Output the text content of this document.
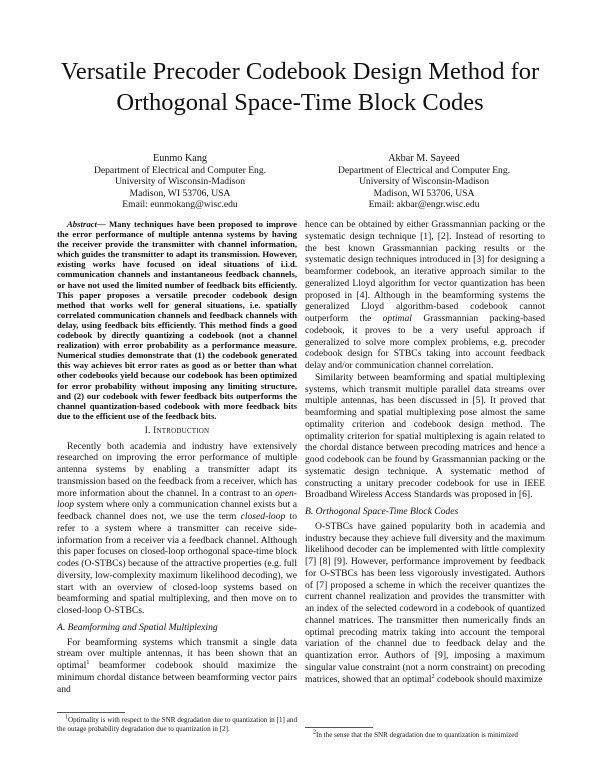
Versatile Precoder Codebook Design Method for
Orthogonal Space-Time Block Codes
Eunmo Kang
Department of Electrical and Computer Eng.
University of Wisconsin-Madison
Madison, WI 53706, USA
Email: eunmokang@wisc.edu
Akbar M. Sayeed
Department of Electrical and Computer Eng.
University of Wisconsin-Madison
Madison, WI 53706, USA
Email: akbar@engr.wisc.edu

Abstract— Many techniques have been proposed to improve the error performance of multiple antenna systems by having the receiver provide the transmitter with channel information, which guides the transmitter to adapt its transmission. However, existing works have focused on ideal situations of i.i.d. communication channels and instantaneous feedback channels, or have not used the limited number of feedback bits efficiently. This paper proposes a versatile precoder codebook design method that works well for general situations, i.e. spatially correlated communication channels and feedback channels with delay, using feedback bits efficiently. This method finds a good codebook by directly quantizing a codebook (not a channel realization) with error probability as a performance measure. Numerical studies demonstrate that (1) the codebook generated this way achieves bit error rates as good as or better than what other codebooks yield because our codebook has been optimized for error probability without imposing any limiting structure, and (2) our codebook with fewer feedback bits outperforms the channel quantization-based codebook with more feedback bits due to the efficient use of the feedback bits.

I. Introduction

Recently both academia and industry have extensively researched on improving the error performance of multiple antenna systems by enabling a transmitter adapt its transmission based on the feedback from a receiver, which has more information about the channel. In a contrast to an open-loop system where only a communication channel exists but a feedback channel does not, we use the term closed-loop to refer to a system where a transmitter can receive side-information from a receiver via a feedback channel. Although this paper focuses on closed-loop orthogonal space-time block codes (O-STBCs) because of the attractive properties (e.g. full diversity, low-complexity maximum likelihood decoding), we start with an overview of closed-loop systems based on beamforming and spatial multiplexing, and then move on to closed-loop O-STBCs.

A. Beamforming and Spatial Multiplexing

For beamforming systems which transmit a single data stream over multiple antennas, it has been shown that an optimal$^1$ beamformer codebook should maximize the minimum chordal distance between beamforming vector pairs and

hence can be obtained by either Grassmannian packing or the systematic design technique [1], [2]. Instead of resorting to the best known Grassmannian packing results or the systematic design techniques introduced in [3] for designing a beamformer codebook, an iterative approach similar to the generalized Lloyd algorithm for vector quantization has been proposed in [4]. Although in the beamforming systems the generalized Lloyd algorithm-based codebook cannot outperform the optimal Grassmannian packing-based codebook, it proves to be a very useful approach if generalized to solve more complex problems, e.g. precoder codebook design for STBCs taking into account feedback delay and/or communication channel correlation.

Similarity between beamforming and spatial multiplexing systems, which transmit multiple parallel data streams over multiple antennas, has been discussed in [5]. It proved that beamforming and spatial multiplexing pose almost the same optimality criterion and codebook design method. The optimality criterion for spatial multiplexing is again related to the chordal distance between precoding matrices and hence a good codebook can be found by Grassmannian packing or the systematic design technique. A systematic method of constructing a unitary precoder codebook for use in IEEE Broadband Wireless Access Standards was proposed in [6].

B. Orthogonal Space-Time Block Codes

O-STBCs have gained popularity both in academia and industry because they achieve full diversity and the maximum likelihood decoder can be implemented with little complexity [7] [8] [9]. However, performance improvement by feedback for O-STBCs has been less vigorously investigated. Authors of [7] proposed a scheme in which the receiver quantizes the current channel realization and provides the transmitter with an index of the selected codeword in a codebook of quantized channel matrices. The transmitter then numerically finds an optimal precoding matrix taking into account the temporal variation of the channel due to feedback delay and the quantization error. Authors of [9], imposing a maximum singular value constraint (not a norm constraint) on precoding matrices, showed that an optimal$^2$ codebook should maximize

$^1$Optimality is with respect to the SNR degradation due to quantization in [1] and the outage probability degradation due to quantization in [2].	$^2$In the sense that the SNR degradation due to quantization is minimized
